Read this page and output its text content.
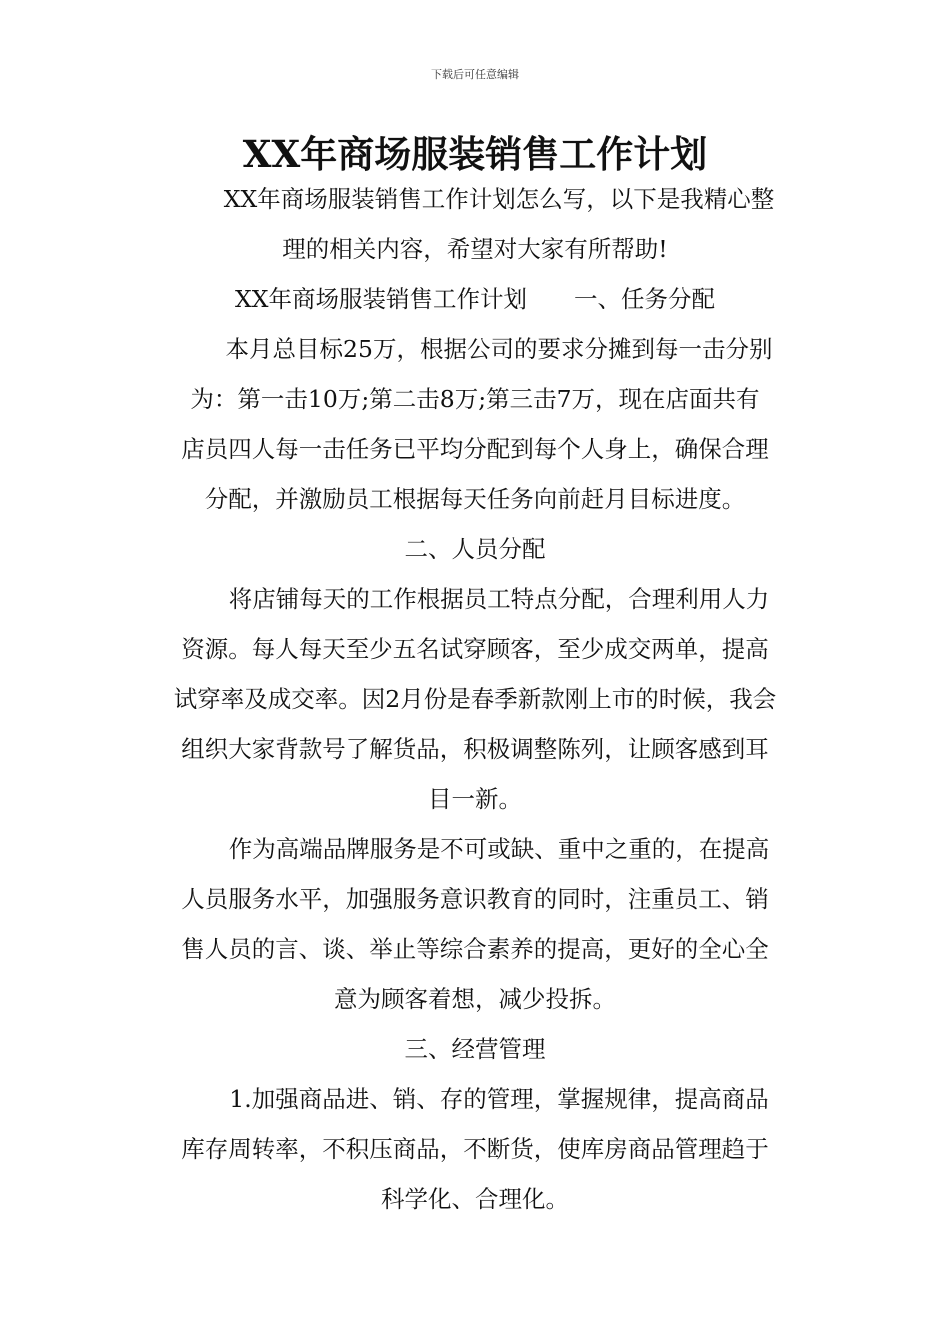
下载后可任意编辑
XX年商场服装销售工作计划
XX年商场服装销售工作计划怎么写，以下是我精心整
理的相关内容，希望对大家有所帮助!
XX年商场服装销售工作计划　　一、任务分配
本月总目标25万，根据公司的要求分摊到每一击分别
为：第一击10万;第二击8万;第三击7万，现在店面共有
店员四人每一击任务已平均分配到每个人身上，确保合理
分配，并激励员工根据每天任务向前赶月目标进度。
二、人员分配
将店铺每天的工作根据员工特点分配，合理利用人力
资源。每人每天至少五名试穿顾客，至少成交两单，提高
试穿率及成交率。因2月份是春季新款刚上市的时候，我会
组织大家背款号了解货品，积极调整陈列，让顾客感到耳
目一新。
作为高端品牌服务是不可或缺、重中之重的，在提高
人员服务水平，加强服务意识教育的同时，注重员工、销
售人员的言、谈、举止等综合素养的提高，更好的全心全
意为顾客着想，减少投拆。
三、经营管理
1.加强商品进、销、存的管理，掌握规律，提高商品
库存周转率，不积压商品，不断货，使库房商品管理趋于
科学化、合理化。
